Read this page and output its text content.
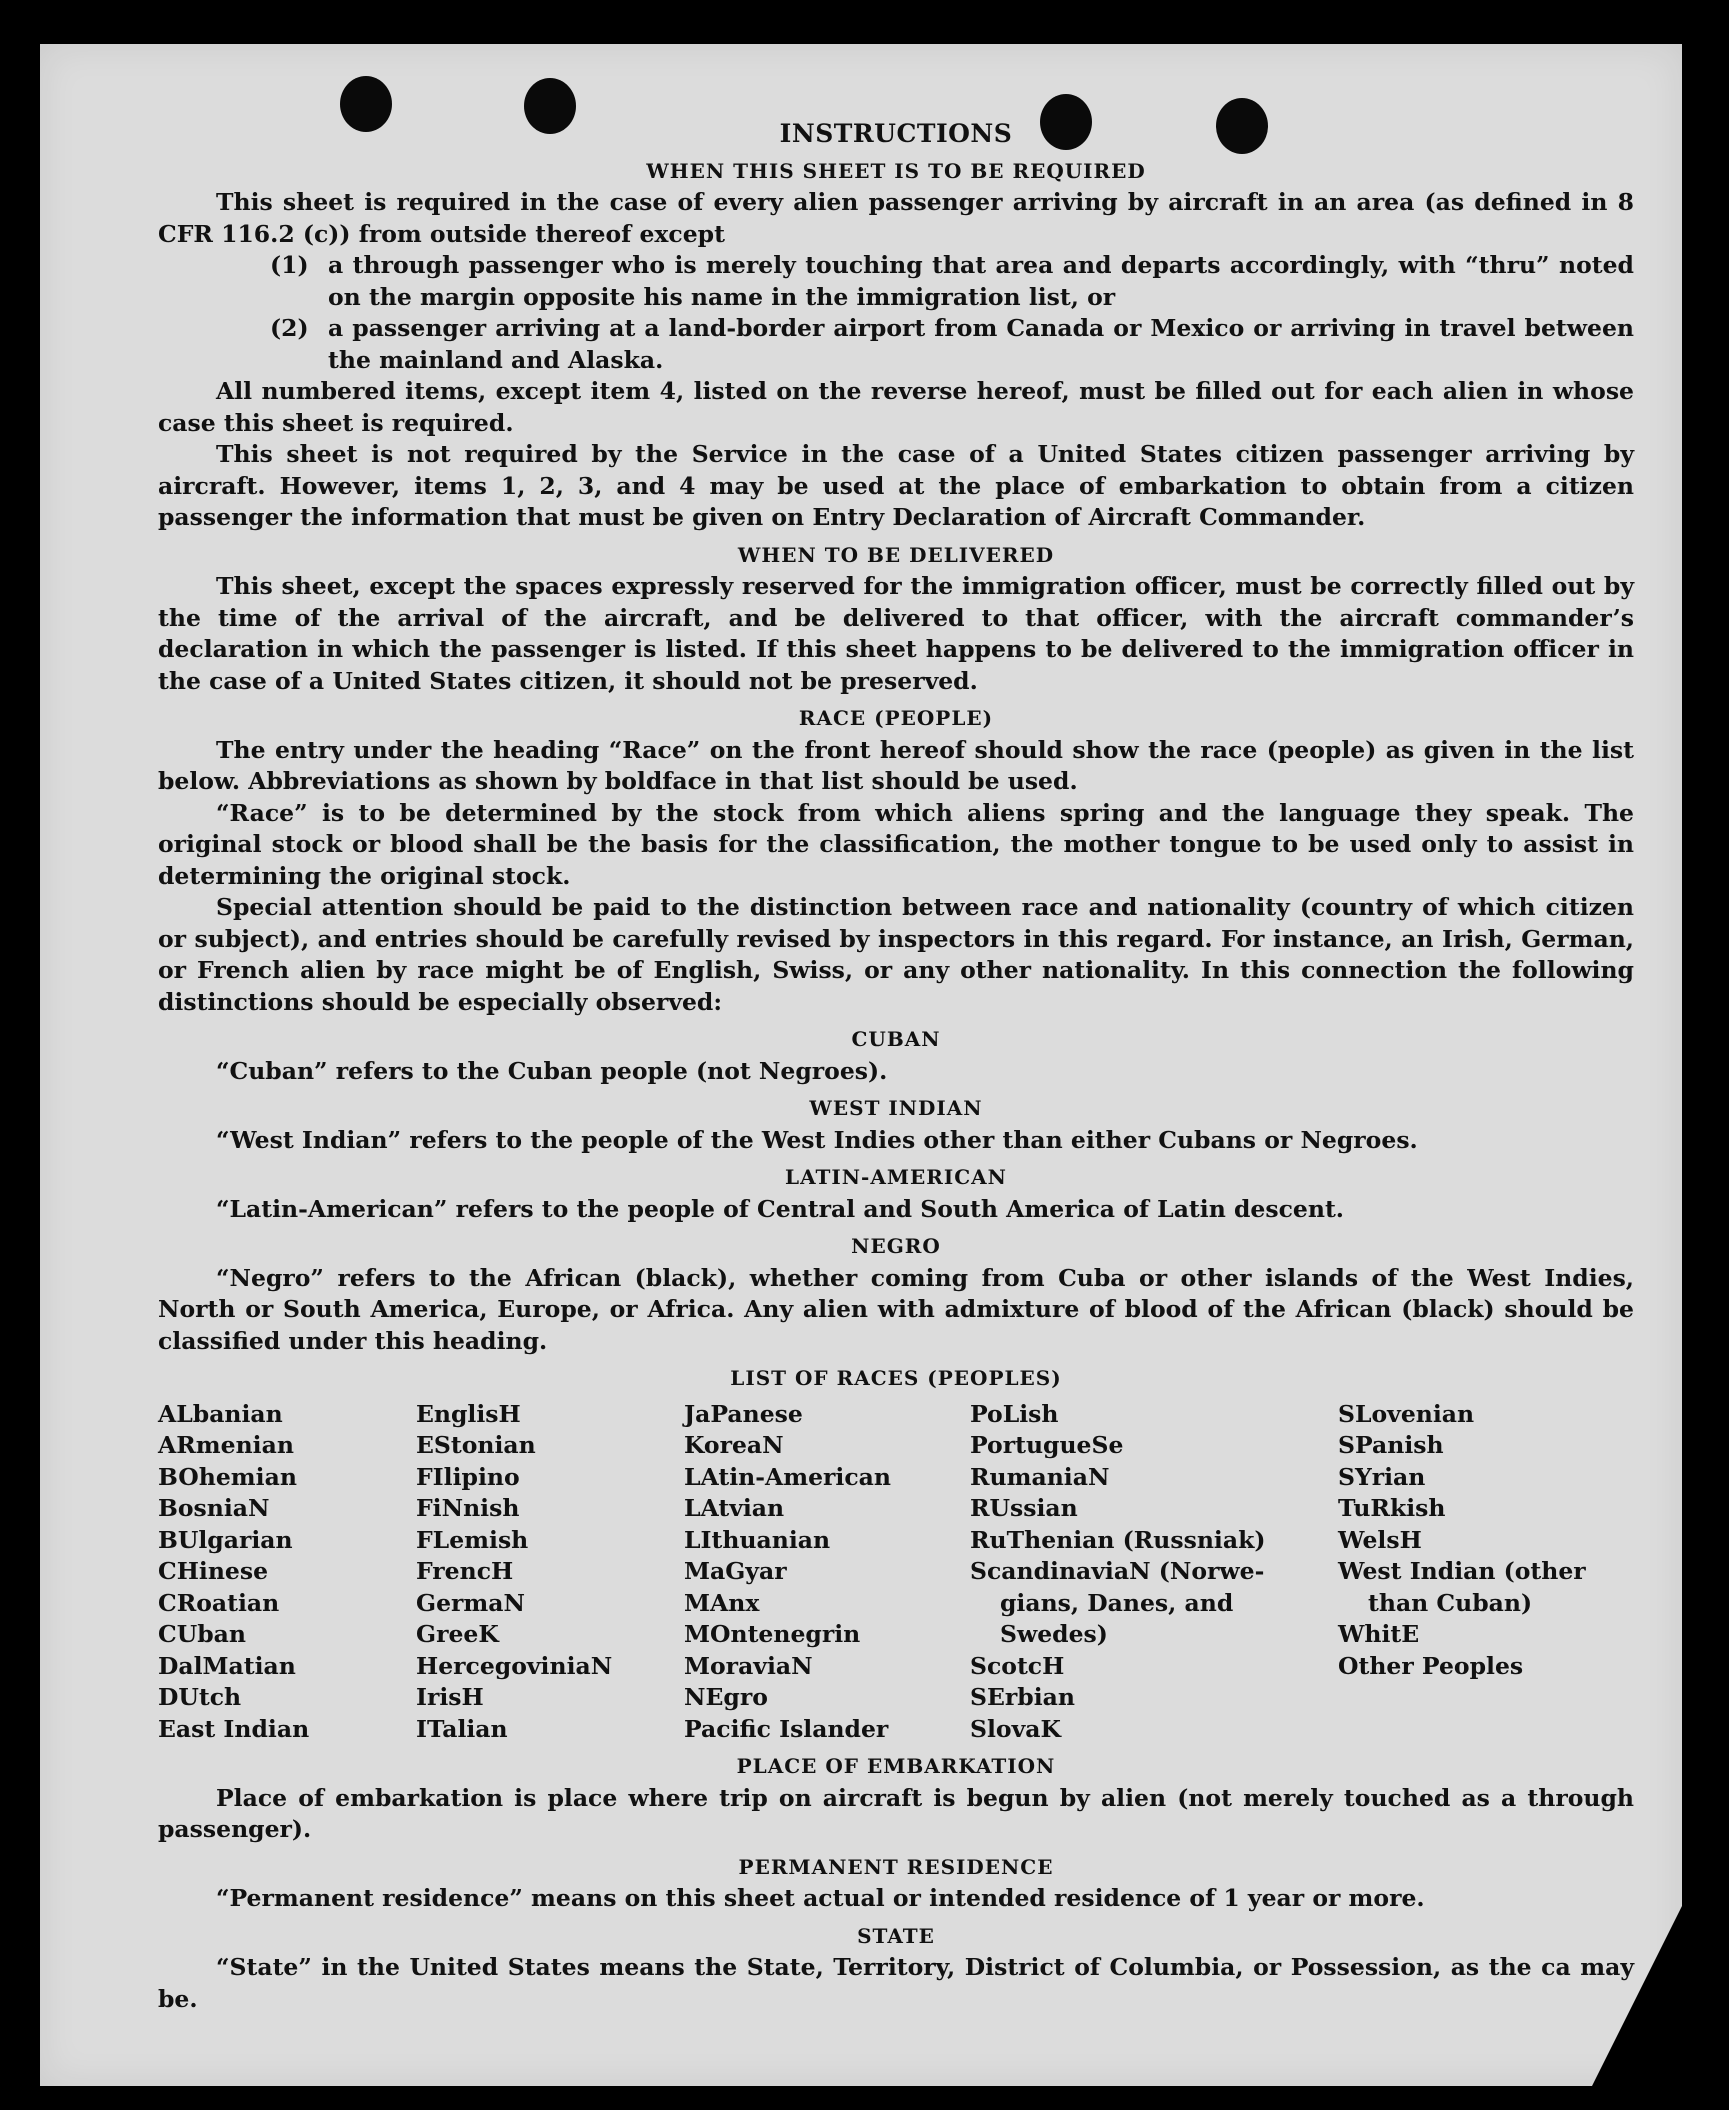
INSTRUCTIONS
WHEN THIS SHEET IS TO BE REQUIRED

This sheet is required in the case of every alien passenger arriving by aircraft in an area (as defined in 8 CFR 116.2 (c)) from outside thereof except

(1) a through passenger who is merely touching that area and departs accordingly, with “thru” noted on the margin opposite his name in the immigration list, or
(2) a passenger arriving at a land-border airport from Canada or Mexico or arriving in travel between the mainland and Alaska.

All numbered items, except item 4, listed on the reverse hereof, must be filled out for each alien in whose case this sheet is required.

This sheet is not required by the Service in the case of a United States citizen passenger arriving by aircraft. However, items 1, 2, 3, and 4 may be used at the place of embarkation to obtain from a citizen passenger the information that must be given on Entry Declaration of Aircraft Commander.

WHEN TO BE DELIVERED

This sheet, except the spaces expressly reserved for the immigration officer, must be correctly filled out by the time of the arrival of the aircraft, and be delivered to that officer, with the aircraft commander’s declaration in which the passenger is listed. If this sheet happens to be delivered to the immigration officer in the case of a United States citizen, it should not be preserved.

RACE (PEOPLE)

The entry under the heading “Race” on the front hereof should show the race (people) as given in the list below. Abbreviations as shown by boldface in that list should be used.

“Race” is to be determined by the stock from which aliens spring and the language they speak. The original stock or blood shall be the basis for the classification, the mother tongue to be used only to assist in determining the original stock.

Special attention should be paid to the distinction between race and nationality (country of which citizen or subject), and entries should be carefully revised by inspectors in this regard. For instance, an Irish, German, or French alien by race might be of English, Swiss, or any other nationality. In this connection the following distinctions should be especially observed:

CUBAN

“Cuban” refers to the Cuban people (not Negroes).

WEST INDIAN

“West Indian” refers to the people of the West Indies other than either Cubans or Negroes.

LATIN-AMERICAN

“Latin-American” refers to the people of Central and South America of Latin descent.

NEGRO

“Negro” refers to the African (black), whether coming from Cuba or other islands of the West Indies, North or South America, Europe, or Africa. Any alien with admixture of blood of the African (black) should be classified under this heading.

LIST OF RACES (PEOPLES)
ALbanian
ARmenian
BOhemian
BosniaN
BUlgarian
CHinese
CRoatian
CUban
DalMatian
DUtch
East Indian
EnglisH
EStonian
FIlipino
FiNnish
FLemish
FrencH
GermaN
GreeK
HercegoviniaN
IrisH
ITalian
JaPanese
KoreaN
LAtin-American
LAtvian
LIthuanian
MaGyar
MAnx
MOntenegrin
MoraviaN
NEgro
Pacific Islander
PoLish
PortugueSe
RumaniaN
RUssian
RuThenian (Russniak)
ScandinaviaN (Norwe-
gians, Danes, and
Swedes)
ScotcH
SErbian
SlovaK
SLovenian
SPanish
SYrian
TuRkish
WelsH
West Indian (other
than Cuban)
WhitE
Other Peoples
PLACE OF EMBARKATION

Place of embarkation is place where trip on aircraft is begun by alien (not merely touched as a through passenger).

PERMANENT RESIDENCE

“Permanent residence” means on this sheet actual or intended residence of 1 year or more.

STATE

“State” in the United States means the State, Territory, District of Columbia, or Possession, as the ca may be.
